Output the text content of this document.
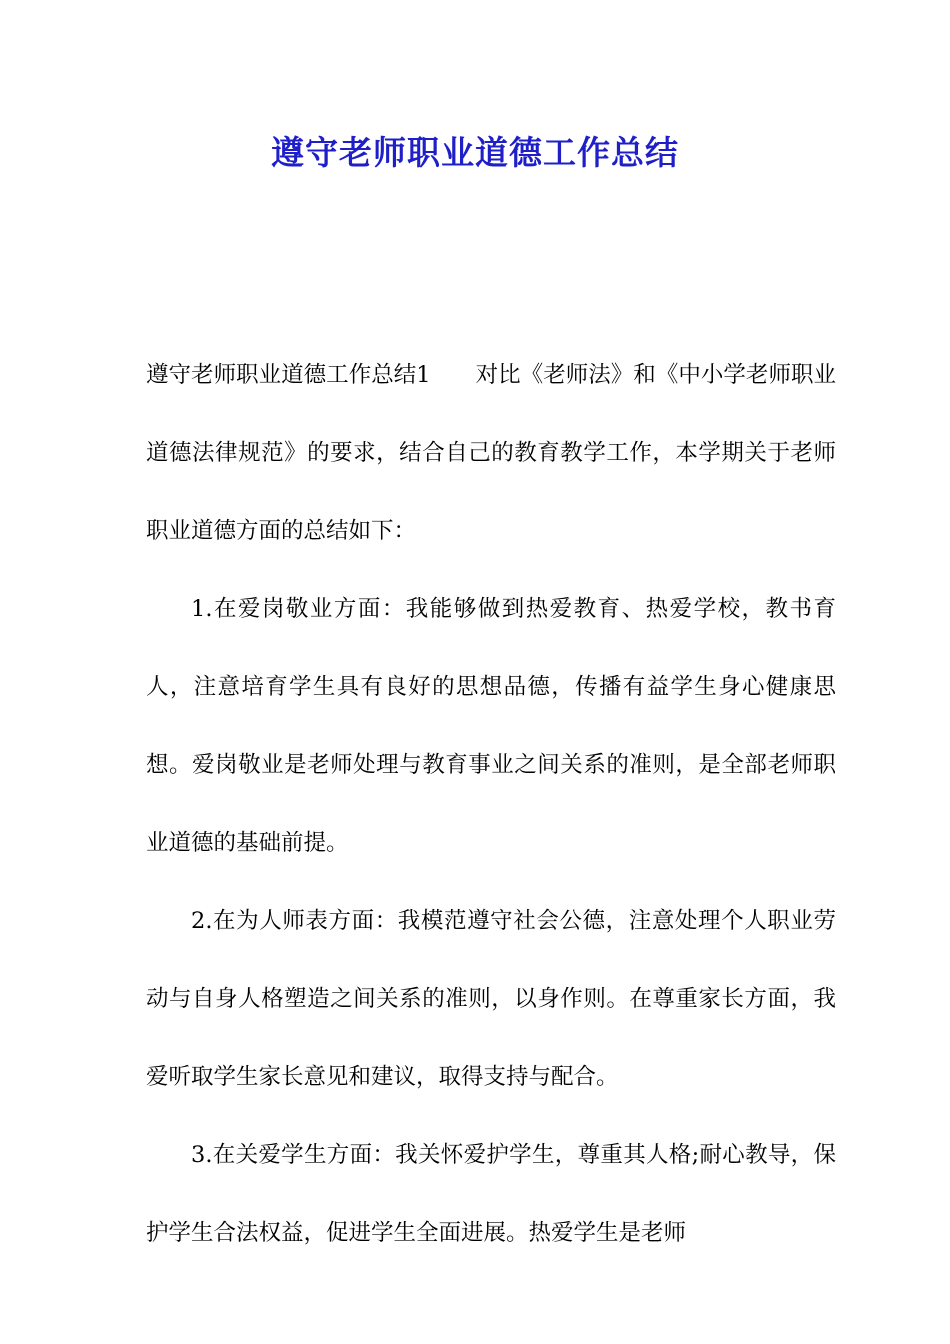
遵守老师职业道德工作总结

遵守老师职业道德工作总结1　　对比《老师法》和《中小学老师职业道德法律规范》的要求，结合自己的教育教学工作，本学期关于老师职业道德方面的总结如下：

1.在爱岗敬业方面：我能够做到热爱教育、热爱学校，教书育人，注意培育学生具有良好的思想品德，传播有益学生身心健康思想。爱岗敬业是老师处理与教育事业之间关系的准则，是全部老师职业道德的基础前提。

2.在为人师表方面：我模范遵守社会公德，注意处理个人职业劳动与自身人格塑造之间关系的准则，以身作则。在尊重家长方面，我爱听取学生家长意见和建议，取得支持与配合。

3.在关爱学生方面：我关怀爱护学生，尊重其人格;耐心教导，保护学生合法权益，促进学生全面进展。热爱学生是老师
